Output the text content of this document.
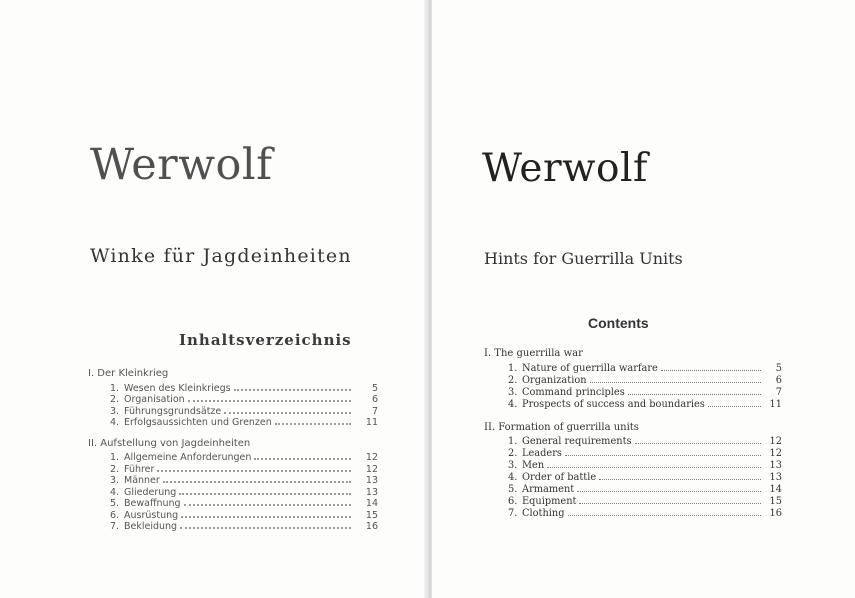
Werwolf
Winke für Jagdeinheiten
Inhaltsverzeichnis
I. Der Kleinkrieg
1. Wesen des Kleinkriegs	5
2. Organisation	6
3. Führungsgrundsätze	7
4. Erfolgsaussichten und Grenzen	11
II. Aufstellung von Jagdeinheiten
1. Allgemeine Anforderungen	12
2. Führer	12
3. Männer	13
4. Gliederung	13
5. Bewaffnung	14
6. Ausrüstung	15
7. Bekleidung	16
Werwolf
Hints for Guerrilla Units
Contents
I. The guerrilla war
1. Nature of guerrilla warfare	5
2. Organization	6
3. Command principles	7
4. Prospects of success and boundaries	11
II. Formation of guerrilla units
1. General requirements	12
2. Leaders	12
3. Men	13
4. Order of battle	13
5. Armament	14
6. Equipment	15
7. Clothing	16
